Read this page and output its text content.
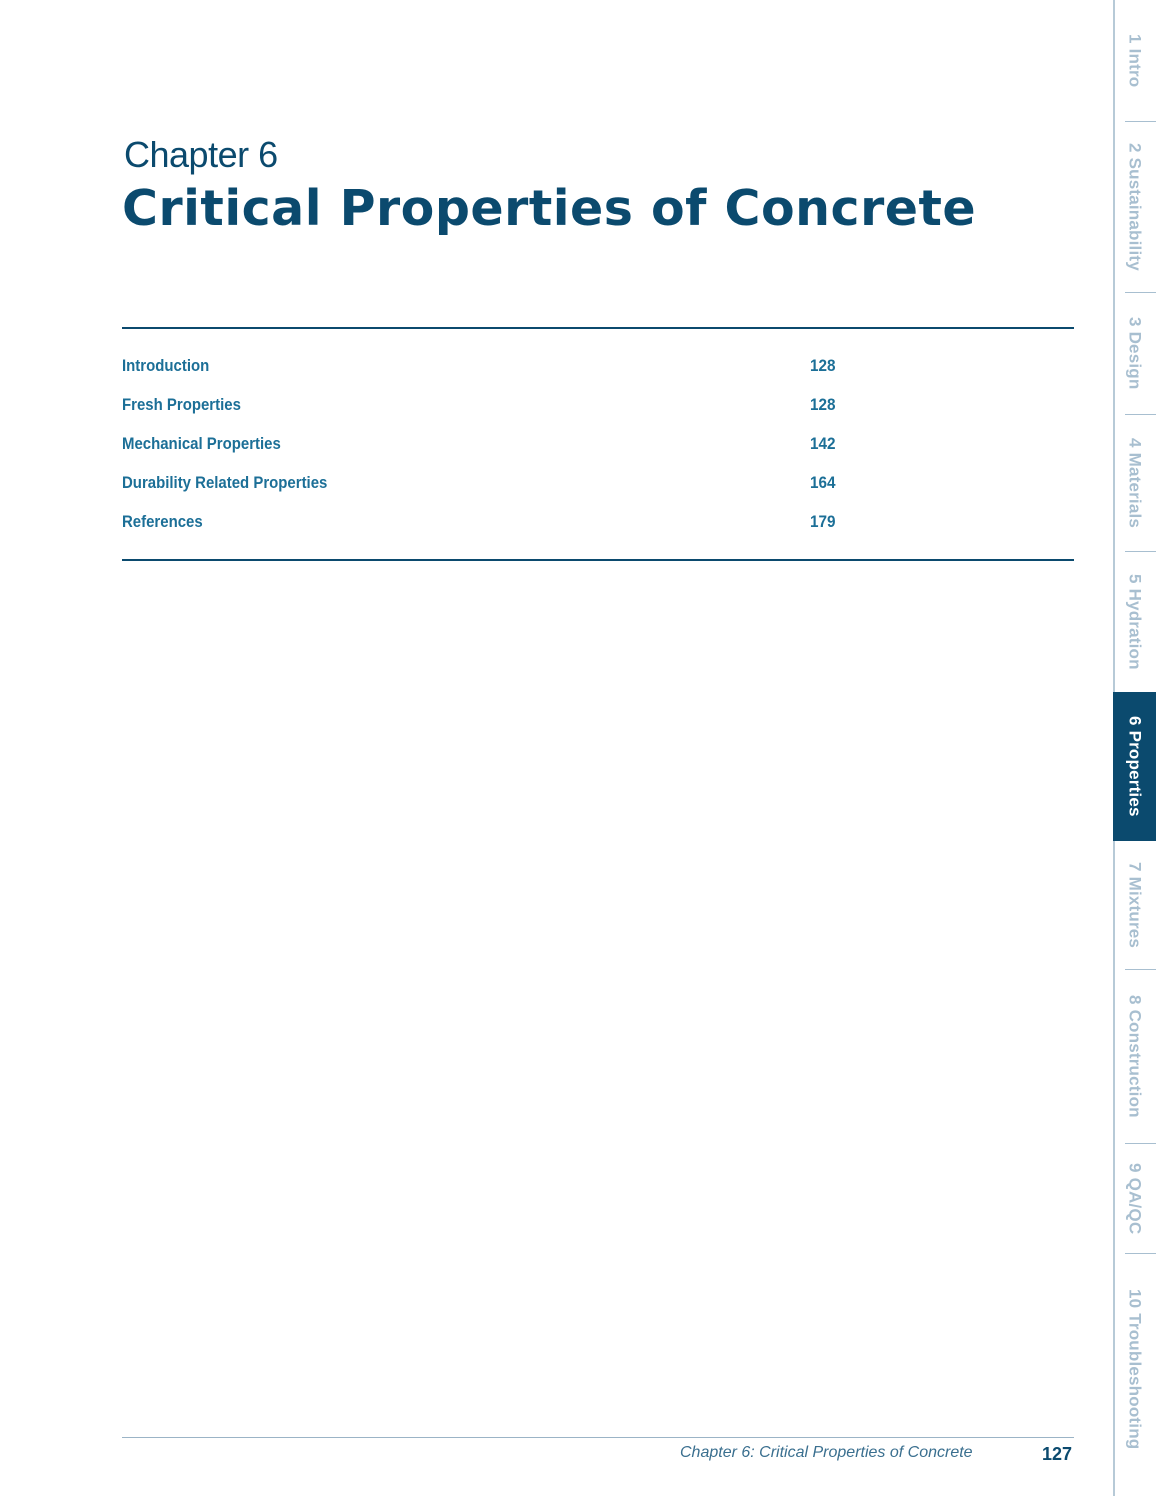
Chapter 6
Critical Properties of Concrete
Introduction	128
Fresh Properties	128
Mechanical Properties	142
Durability Related Properties	164
References	179
Chapter 6: Critical Properties of Concrete	127
1 Intro
2 Sustainability
3 Design
4 Materials
5 Hydration
6 Properties
7 Mixtures
8 Construction
9 QA/QC
10 Troubleshooting
